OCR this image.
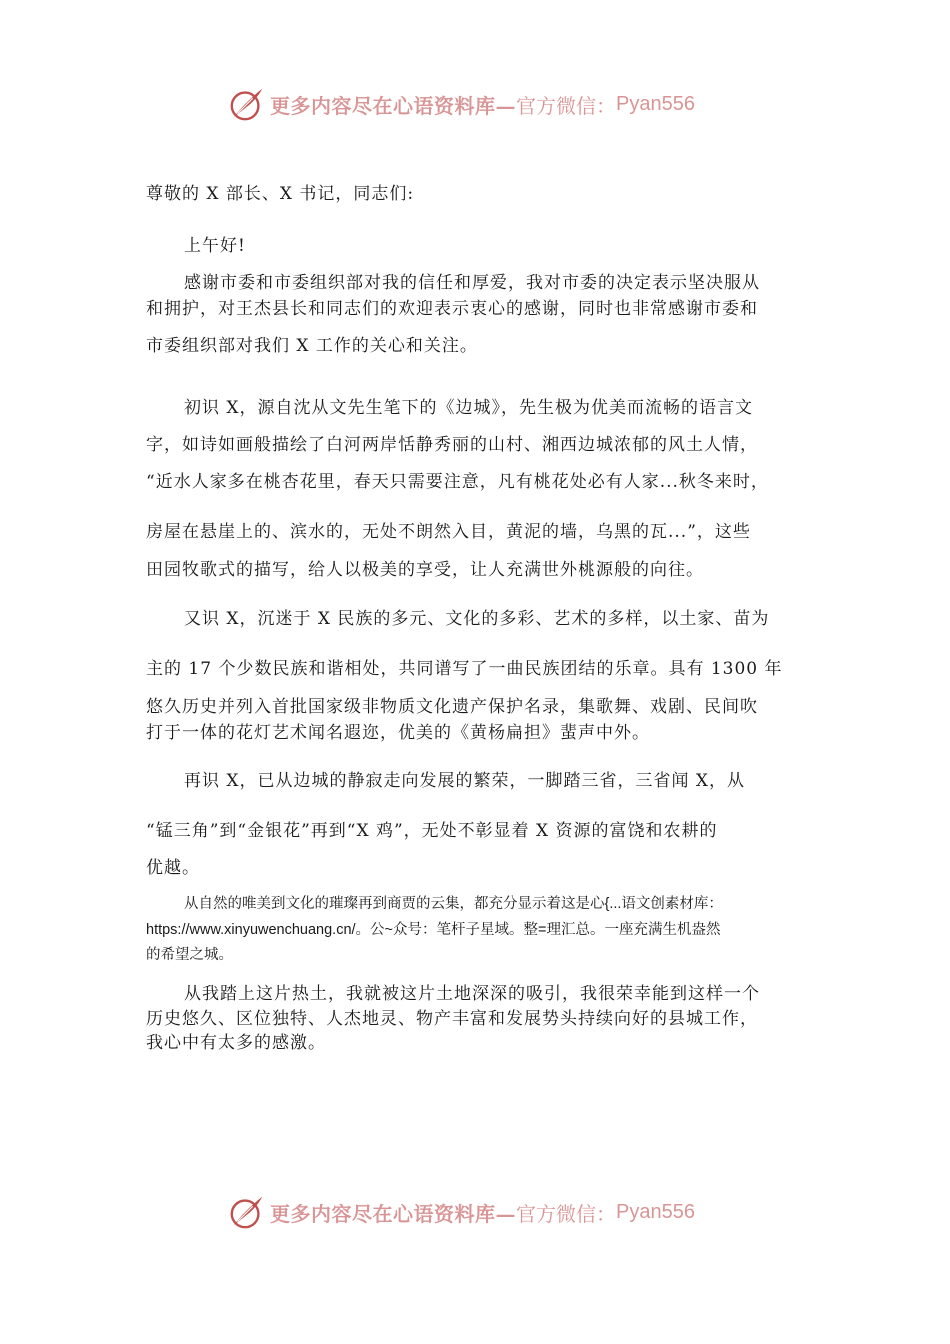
更多内容尽在心语资料库— 官方微信： Pyan556
尊敬的 X 部长、X 书记，同志们:
上午好!
感谢市委和市委组织部对我的信任和厚爱，我对市委的决定表示坚决服从
和拥护，对王杰县长和同志们的欢迎表示衷心的感谢，同时也非常感谢市委和
市委组织部对我们 X 工作的关心和关注。
初识 X，源自沈从文先生笔下的《边城》，先生极为优美而流畅的语言文
字，如诗如画般描绘了白河两岸恬静秀丽的山村、湘西边城浓郁的风土人情，
“近水人家多在桃杏花里，春天只需要注意，凡有桃花处必有人家...秋冬来时，
房屋在悬崖上的、滨水的，无处不朗然入目，黄泥的墙，乌黑的瓦...”，这些
田园牧歌式的描写，给人以极美的享受，让人充满世外桃源般的向往。
又识 X，沉迷于 X 民族的多元、文化的多彩、艺术的多样，以土家、苗为
主的 17 个少数民族和谐相处，共同谱写了一曲民族团结的乐章。具有 1300 年
悠久历史并列入首批国家级非物质文化遗产保护名录，集歌舞、戏剧、民间吹
打于一体的花灯艺术闻名遐迩，优美的《黄杨扁担》蜚声中外。
再识 X，已从边城的静寂走向发展的繁荣，一脚踏三省，三省闻 X，从
“锰三角”到“金银花”再到“X 鸡”，无处不彰显着 X 资源的富饶和农耕的
优越。
从自然的唯美到文化的璀璨再到商贾的云集，都充分显示着这是心{...语文创素材库：
https://www.xinyuwenchuang.cn/。公~众号：笔杆子星域。整=理汇总。一座充满生机盎然
的希望之城。
从我踏上这片热土，我就被这片土地深深的吸引，我很荣幸能到这样一个
历史悠久、区位独特、人杰地灵、物产丰富和发展势头持续向好的县城工作，
我心中有太多的感激。
更多内容尽在心语资料库— 官方微信： Pyan556
